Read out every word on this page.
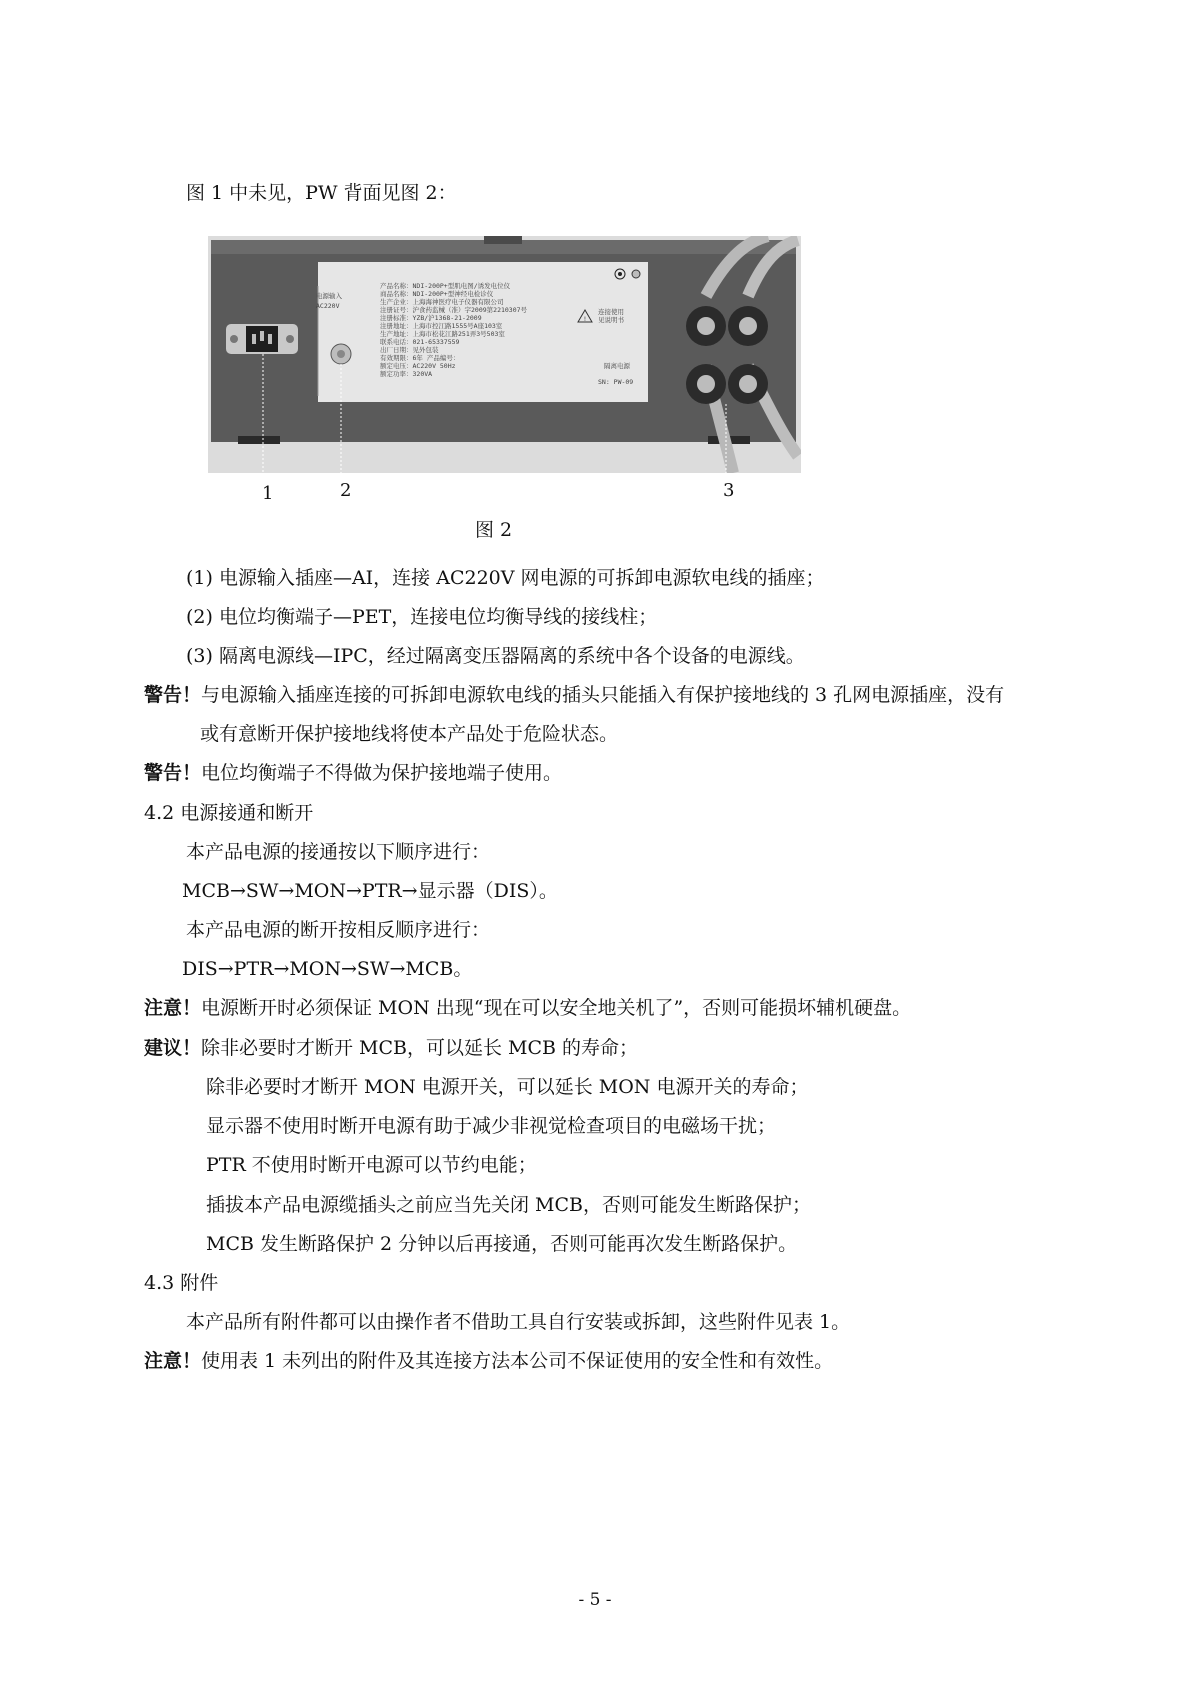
图 1 中未见，PW 背面见图 2：
电源输入
AC220V
产品名称：NDI-200P+型肌电图/诱发电位仪
商品名称：NDI-200P+型神经电检诊仪
生产企业：上海海神医疗电子仪器有限公司
注册证号：沪食药监械（准）字2009第2210307号
注册标准：YZB/沪1368-21-2009
注册地址：上海市控江路1555号A座103室
生产地址：上海市松花江路251弄3号503室
联系电话：021-65337559
出厂日期：见外包装
有效期限：6年 产品编号：
额定电压：AC220V 50Hz
额定功率：320VA
!
连接使用
见说明书
隔离电源
SN: PW-09
1	2	3
图 2
(1) 电源输入插座—AI，连接 AC220V 网电源的可拆卸电源软电线的插座；
(2) 电位均衡端子—PET，连接电位均衡导线的接线柱；
(3) 隔离电源线—IPC，经过隔离变压器隔离的系统中各个设备的电源线。
警告！与电源输入插座连接的可拆卸电源软电线的插头只能插入有保护接地线的 3 孔网电源插座，没有
或有意断开保护接地线将使本产品处于危险状态。
警告！电位均衡端子不得做为保护接地端子使用。
4.2 电源接通和断开
本产品电源的接通按以下顺序进行：
MCB→SW→MON→PTR→显示器（DIS）。
本产品电源的断开按相反顺序进行：
DIS→PTR→MON→SW→MCB。
注意！电源断开时必须保证 MON 出现“现在可以安全地关机了”，否则可能损坏辅机硬盘。
建议！除非必要时才断开 MCB，可以延长 MCB 的寿命；
除非必要时才断开 MON 电源开关，可以延长 MON 电源开关的寿命；
显示器不使用时断开电源有助于减少非视觉检查项目的电磁场干扰；
PTR 不使用时断开电源可以节约电能；
插拔本产品电源缆插头之前应当先关闭 MCB，否则可能发生断路保护；
MCB 发生断路保护 2 分钟以后再接通，否则可能再次发生断路保护。
4.3 附件
本产品所有附件都可以由操作者不借助工具自行安装或拆卸，这些附件见表 1。
注意！使用表 1 未列出的附件及其连接方法本公司不保证使用的安全性和有效性。
- 5 -
